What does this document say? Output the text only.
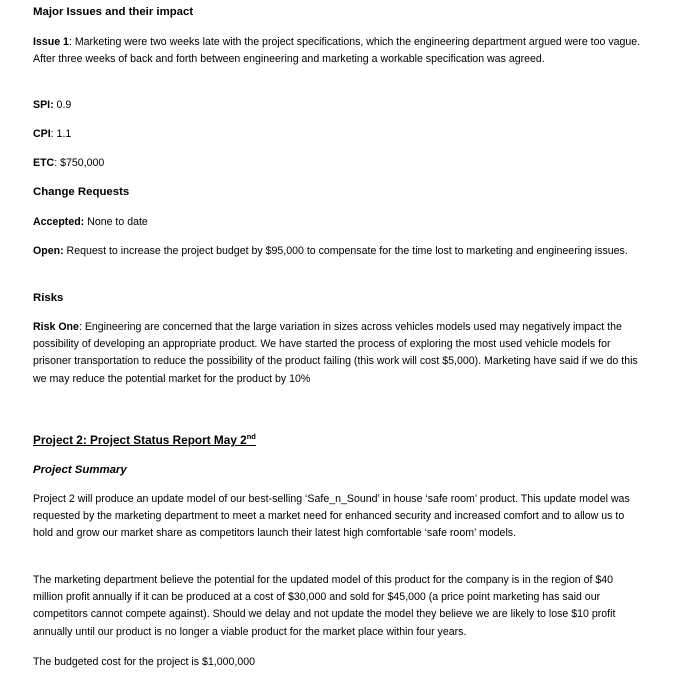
Major Issues and their impact
Issue 1: Marketing were two weeks late with the project specifications, which the engineering department argued were too vague. After three weeks of back and forth between engineering and marketing a workable specification was agreed.
SPI: 0.9
CPI: 1.1
ETC: $750,000
Change Requests
Accepted: None to date
Open: Request to increase the project budget by $95,000 to compensate for the time lost to marketing and engineering issues.
Risks
Risk One: Engineering are concerned that the large variation in sizes across vehicles models used may negatively impact the possibility of developing an appropriate product. We have started the process of exploring the most used vehicle models for prisoner transportation to reduce the possibility of the product failing (this work will cost $5,000). Marketing have said if we do this we may reduce the potential market for the product by 10%
Project 2: Project Status Report May 2nd
Project Summary
Project 2 will produce an update model of our best-selling ‘Safe_n_Sound’ in house ‘safe room’ product. This update model was requested by the marketing department to meet a market need for enhanced security and increased comfort and to allow us to hold and grow our market share as competitors launch their latest high comfortable ‘safe room’ models.
The marketing department believe the potential for the updated model of this product for the company is in the region of $40 million profit annually if it can be produced at a cost of $30,000 and sold for $45,000 (a price point marketing has said our competitors cannot compete against). Should we delay and not update the model they believe we are likely to lose $10 profit annually until our product is no longer a viable product for the market place within four years.
The budgeted cost for the project is $1,000,000
